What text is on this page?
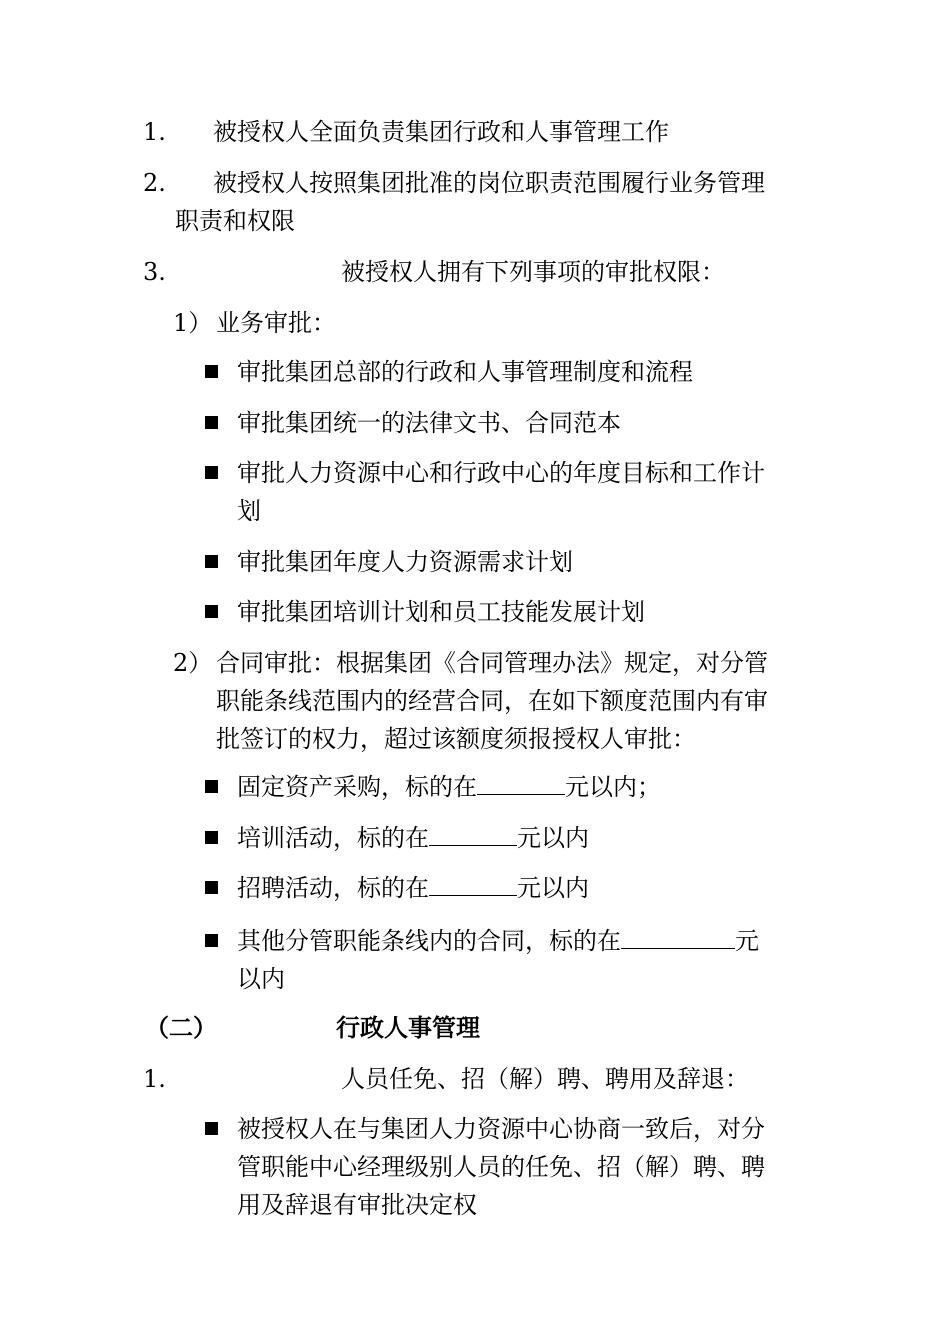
1. 被授权人全面负责集团行政和人事管理工作
2. 被授权人按照集团批准的岗位职责范围履行业务管理
职责和权限
3.	被授权人拥有下列事项的审批权限：
1） 业务审批：
审批集团总部的行政和人事管理制度和流程
审批集团统一的法律文书、合同范本
审批人力资源中心和行政中心的年度目标和工作计
划
审批集团年度人力资源需求计划
审批集团培训计划和员工技能发展计划
2） 合同审批：根据集团《合同管理办法》规定，对分管
职能条线范围内的经营合同，在如下额度范围内有审
批签订的权力，超过该额度须报授权人审批：
固定资产采购，标的在	元以内；
培训活动，标的在	元以内
招聘活动，标的在	元以内
其他分管职能条线内的合同，标的在	元
以内
（二）	行政人事管理
1.	人员任免、招（解）聘、聘用及辞退：
被授权人在与集团人力资源中心协商一致后，对分
管职能中心经理级别人员的任免、招（解）聘、聘
用及辞退有审批决定权
